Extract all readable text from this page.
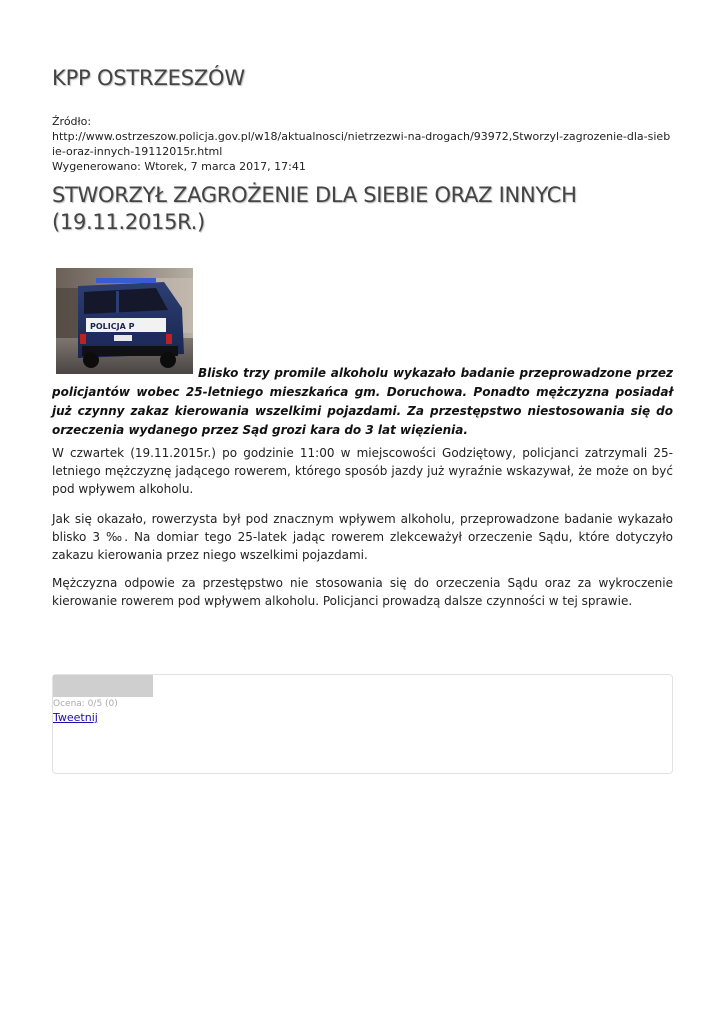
KPP OSTRZESZÓW
Źródło:
http://www.ostrzeszow.policja.gov.pl/w18/aktualnosci/nietrzezwi-na-drogach/93972,Stworzyl-zagrozenie-dla-siebie-oraz-innych-19112015r.html
Wygenerowano: Wtorek, 7 marca 2017, 17:41
STWORZYŁ ZAGROŻENIE DLA SIEBIE ORAZ INNYCH (19.11.2015R.)
POLICJA P
Blisko trzy promile alkoholu wykazało badanie przeprowadzone przez policjantów wobec 25-letniego mieszkańca gm. Doruchowa. Ponadto mężczyzna posiadał już czynny zakaz kierowania wszelkimi pojazdami. Za przestępstwo niestosowania się do orzeczenia wydanego przez Sąd grozi kara do 3 lat więzienia.

W czwartek (19.11.2015r.) po godzinie 11:00 w miejscowości Godziętowy, policjanci zatrzymali 25-letniego mężczyznę jadącego rowerem, którego sposób jazdy już wyraźnie wskazywał, że może on być pod wpływem alkoholu.

Jak się okazało, rowerzysta był pod znacznym wpływem alkoholu, przeprowadzone badanie wykazało blisko 3 ‰. Na domiar tego 25-latek jadąc rowerem zlekceważył orzeczenie Sądu, które dotyczyło zakazu kierowania przez niego wszelkimi pojazdami.

Mężczyzna odpowie za przestępstwo nie stosowania się do orzeczenia Sądu oraz za wykroczenie kierowanie rowerem pod wpływem alkoholu. Policjanci prowadzą dalsze czynności w tej sprawie.

Ocena: 0/5 (0)
Tweetnij
